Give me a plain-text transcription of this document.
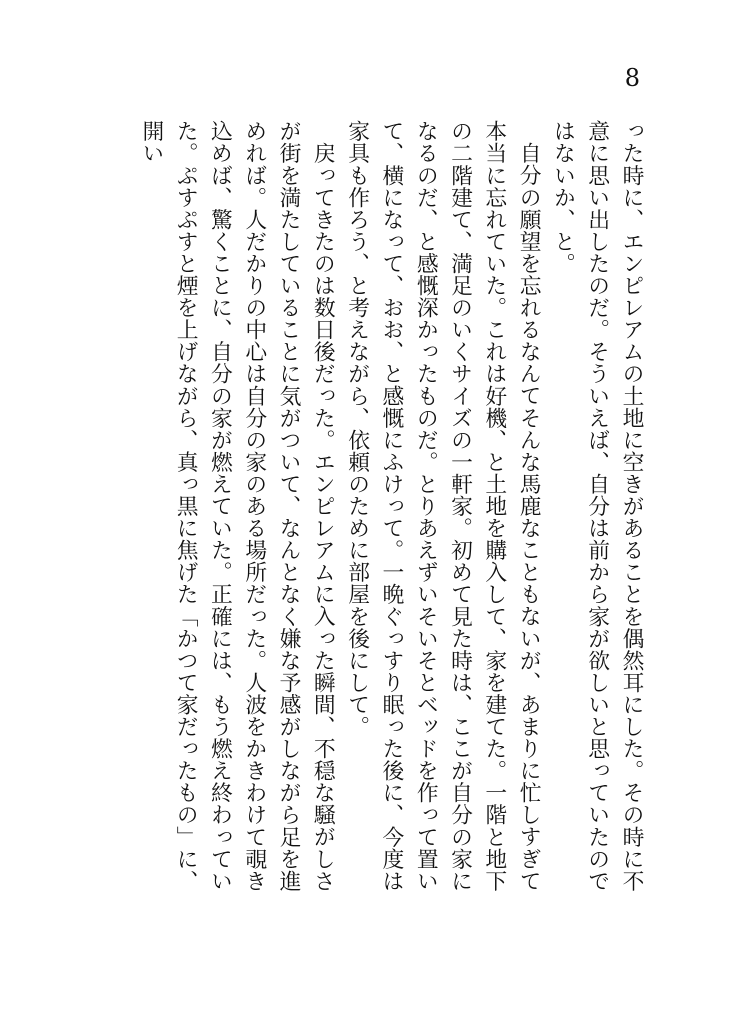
8

った時に、エンピレアムの土地に空きがあることを偶然耳にした。その時に不意に思い出したのだ。そういえば、自分は前から家が欲しいと思っていたのではないか、と。

自分の願望を忘れるなんてそんな馬鹿なこともないが、あまりに忙しすぎて本当に忘れていた。これは好機、と土地を購入して、家を建てた。一階と地下の二階建て、満足のいくサイズの一軒家。初めて見た時は、ここが自分の家になるのだ、と感慨深かったものだ。とりあえずいそいそとベッドを作って置いて、横になって、おお、と感慨にふけって。一晩ぐっすり眠った後に、今度は家具も作ろう、と考えながら、依頼のために部屋を後にして。

戻ってきたのは数日後だった。エンピレアムに入った瞬間、不穏な騒がしさが街を満たしていることに気がついて、なんとなく嫌な予感がしながら足を進めれば。人だかりの中心は自分の家のある場所だった。人波をかきわけて覗き込めば、驚くことに、自分の家が燃えていた。正確には、もう燃え終わっていた。ぷすぷすと煙を上げながら、真っ黒に焦げた「かつて家だったもの」に、開い
